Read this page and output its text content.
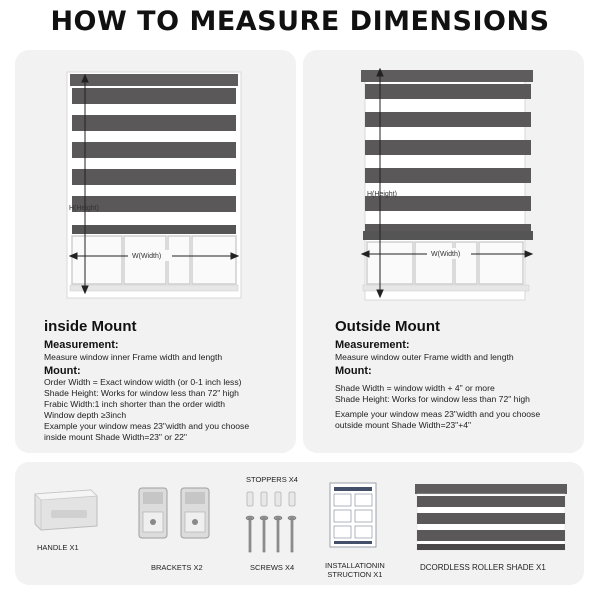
HOW TO MEASURE DIMENSIONS
H(Height)
W(Width)
inside Mount
Measurement:
Measure window inner Frame width and length
Mount:
Order Width = Exact window width (or 0-1 inch less)
Shade Height: Works for window less than 72" high
Frabic Width:1 inch shorter than the order width
Window depth ≥3inch
Example your window meas 23"width and you choose
inside mount Shade Width=23" or 22"
H(Height)
W(Width)
Outside Mount
Measurement:
Measure window outer Frame width and length
Mount:
Shade Width = window width + 4" or more
Shade Height: Works for window less than 72" high
Example your window meas 23"width and you choose
outside mount Shade Width=23"+4"
HANDLE X1
BRACKETS X2
STOPPERS X4
SCREWS X4	INSTALLATIONIN
STRUCTION X1
DCORDLESS ROLLER SHADE X1
